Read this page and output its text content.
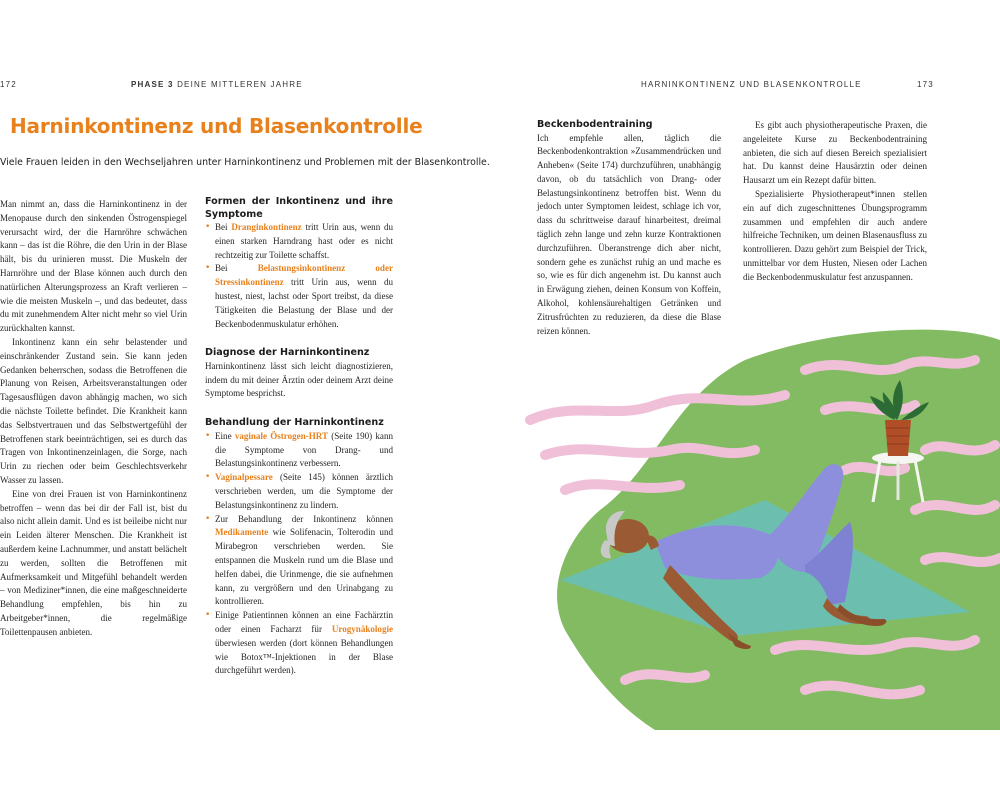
172	PHASE 3 DEINE MITTLEREN JAHRE	HARNINKONTINENZ UND BLASENKONTROLLE	173
Harninkontinenz und Blasenkontrolle

Viele Frauen leiden in den Wechseljahren unter Harninkontinenz und Problemen mit der Blasenkontrolle.

Man nimmt an, dass die Harninkontinenz in der Menopause durch den sinkenden Östrogenspiegel verursacht wird, der die Harnröhre schwächen kann – das ist die Röhre, die den Urin in der Blase hält, bis du urinieren musst. Die Muskeln der Harnröhre und der Blase können auch durch den natürlichen Alterungsprozess an Kraft verlieren – wie die meisten Muskeln –, und das bedeutet, dass du mit zunehmendem Alter nicht mehr so viel Urin zurückhalten kannst.

Inkontinenz kann ein sehr belastender und einschränkender Zustand sein. Sie kann jeden Gedanken beherrschen, sodass die Betroffenen die Planung von Reisen, Arbeitsveranstaltungen oder Tagesausflügen davon abhängig machen, wo sich die nächste Toilette befindet. Die Krankheit kann das Selbstvertrauen und das Selbstwertgefühl der Betroffenen stark beeinträchtigen, sei es durch das Tragen von Inkontinenzeinlagen, die Sorge, nach Urin zu riechen oder beim Geschlechtsverkehr Wasser zu lassen.

Eine von drei Frauen ist von Harninkontinenz betroffen – wenn das bei dir der Fall ist, bist du also nicht allein damit. Und es ist beileibe nicht nur ein Leiden älterer Menschen. Die Krankheit ist außerdem keine Lachnummer, und anstatt belächelt zu werden, sollten die Betroffenen mit Aufmerksamkeit und Mitgefühl behandelt werden – von Mediziner*innen, die eine maßgeschneiderte Behandlung empfehlen, bis hin zu Arbeitgeber*innen, die regelmäßige Toilettenpausen anbieten.

Formen der Inkontinenz und ihre Symptome
• Bei Dranginkontinenz tritt Urin aus, wenn du einen starken Harndrang hast oder es nicht rechtzeitig zur Toilette schaffst.
• Bei Belastungsinkontinenz oder Stressinkontinenz tritt Urin aus, wenn du hustest, niest, lachst oder Sport treibst, da diese Tätigkeiten die Belastung der Blase und der Beckenbodenmuskulatur erhöhen.
Diagnose der Harninkontinenz

Harninkontinenz lässt sich leicht diagnostizieren, indem du mit deiner Ärztin oder deinem Arzt deine Symptome besprichst.

Behandlung der Harninkontinenz
• Eine vaginale Östrogen-HRT (Seite 190) kann die Symptome von Drang- und Belastungsinkontinenz verbessern.
• Vaginalpessare (Seite 145) können ärztlich verschrieben werden, um die Symptome der Belastungsinkontinenz zu lindern.
• Zur Behandlung der Inkontinenz können Medikamente wie Solifenacin, Tolterodin und Mirabegron verschrieben werden. Sie entspannen die Muskeln rund um die Blase und helfen dabei, die Urinmenge, die sie aufnehmen kann, zu vergrößern und den Urinabgang zu kontrollieren.
• Einige Patientinnen können an eine Fachärztin oder einen Facharzt für Urogynäkologie überwiesen werden (dort können Behandlungen wie Botox™-Injektionen in der Blase durchgeführt werden).
Beckenbodentraining

Ich empfehle allen, täglich die Beckenbodenkontraktion »Zusammendrücken und Anheben« (Seite 174) durchzuführen, unabhängig davon, ob du tatsächlich von Drang- oder Belastungsinkontinenz betroffen bist. Wenn du jedoch unter Symptomen leidest, schlage ich vor, dass du schrittweise darauf hinarbeitest, dreimal täglich zehn lange und zehn kurze Kontraktionen durchzuführen. Überanstrenge dich aber nicht, sondern gehe es zunächst ruhig an und mache es so, wie es für dich angenehm ist. Du kannst auch in Erwägung ziehen, deinen Konsum von Koffein, Alkohol, kohlensäurehaltigen Getränken und Zitrusfrüchten zu reduzieren, da diese die Blase reizen können.

Es gibt auch physiotherapeutische Praxen, die angeleitete Kurse zu Beckenbodentraining anbieten, die sich auf diesen Bereich spezialisiert hat. Du kannst deine Hausärztin oder deinen Hausarzt um ein Rezept dafür bitten.

Spezialisierte Physiotherapeut*innen stellen ein auf dich zugeschnittenes Übungsprogramm zusammen und empfehlen dir auch andere hilfreiche Techniken, um deinen Blasenausfluss zu kontrollieren. Dazu gehört zum Beispiel der Trick, unmittelbar vor dem Husten, Niesen oder Lachen die Beckenbodenmuskulatur fest anzuspannen.
